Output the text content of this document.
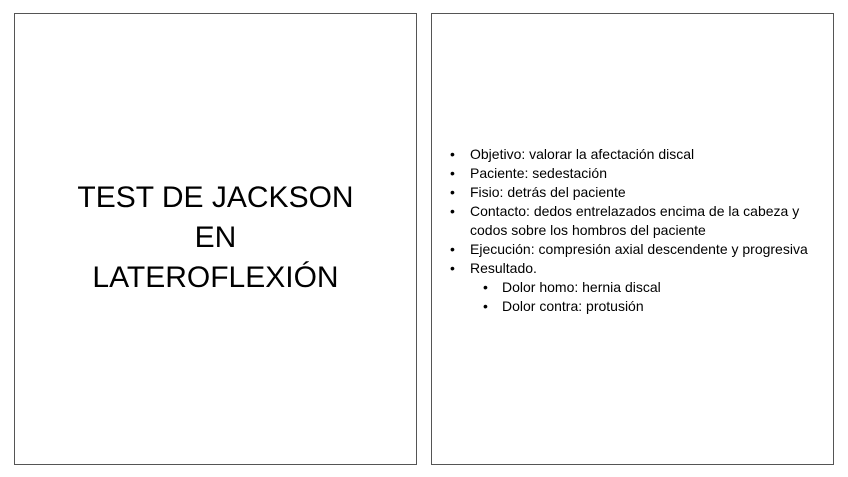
TEST DE JACKSON
EN
LATEROFLEXIÓN

• Objetivo: valorar la afectación discal

• Paciente: sedestación

• Fisio: detrás del paciente

• Contacto: dedos entrelazados encima de la cabeza y codos sobre los hombros del paciente

• Ejecución: compresión axial descendente y progresiva

• Resultado.

• Dolor homo: hernia discal

• Dolor contra: protusión
